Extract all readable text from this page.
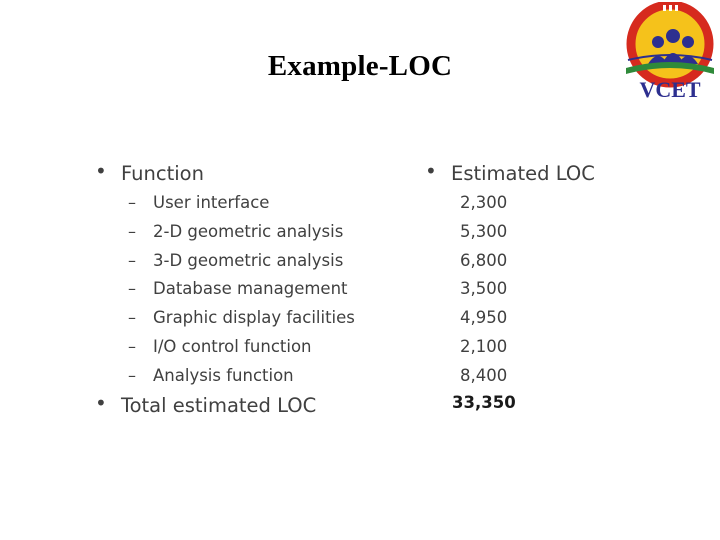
Example-LOC
VCET
• Function
– User interface
– 2-D geometric analysis
– 3-D geometric analysis
– Database management
– Graphic display facilities
– I/O control function
– Analysis function
• Total estimated LOC
• Estimated LOC
2,300
5,300
6,800
3,500
4,950
2,100
8,400
33,350
